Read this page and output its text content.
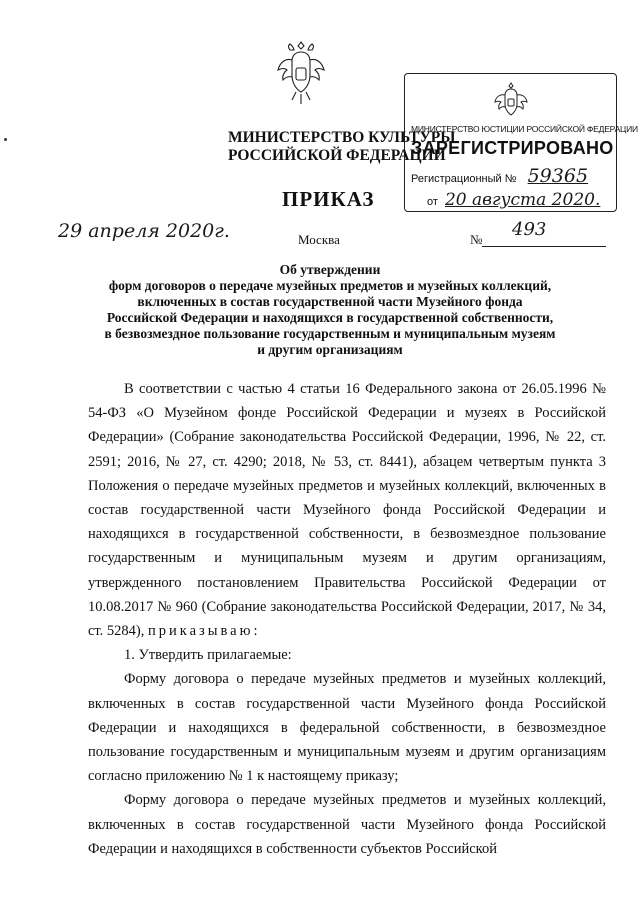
МИНИСТЕРСТВО ЮСТИЦИИ РОССИЙСКОЙ ФЕДЕРАЦИИ
ЗАРЕГИСТРИРОВАНО
Регистрационный № 59365
от 20 августа 2020.
МИНИСТЕРСТВО КУЛЬТУРЫ
РОССИЙСКОЙ ФЕДЕРАЦИИ
ПРИКАЗ
29 апреля 2020г.	Москва	№ 493
Об утверждении
форм договоров о передаче музейных предметов и музейных коллекций,
включенных в состав государственной части Музейного фонда
Российской Федерации и находящихся в государственной собственности,
в безвозмездное пользование государственным и муниципальным музеям
и другим организациям

В соответствии с частью 4 статьи 16 Федерального закона от 26.05.1996 № 54-ФЗ «О Музейном фонде Российской Федерации и музеях в Российской Федерации» (Собрание законодательства Российской Федерации, 1996, № 22, ст. 2591; 2016, № 27, ст. 4290; 2018, № 53, ст. 8441), абзацем четвертым пункта 3 Положения о передаче музейных предметов и музейных коллекций, включенных в состав государственной части Музейного фонда Российской Федерации и находящихся в государственной собственности, в безвозмездное пользование государственным и муниципальным музеям и другим организациям, утвержденного постановлением Правительства Российской Федерации от 10.08.2017 № 960 (Собрание законодательства Российской Федерации, 2017, № 34, ст. 5284), приказываю:

1. Утвердить прилагаемые:

Форму договора о передаче музейных предметов и музейных коллекций, включенных в состав государственной части Музейного фонда Российской Федерации и находящихся в федеральной собственности, в безвозмездное пользование государственным и муниципальным музеям и другим организациям согласно приложению № 1 к настоящему приказу;

Форму договора о передаче музейных предметов и музейных коллекций, включенных в состав государственной части Музейного фонда Российской Федерации и находящихся в собственности субъектов Российской
